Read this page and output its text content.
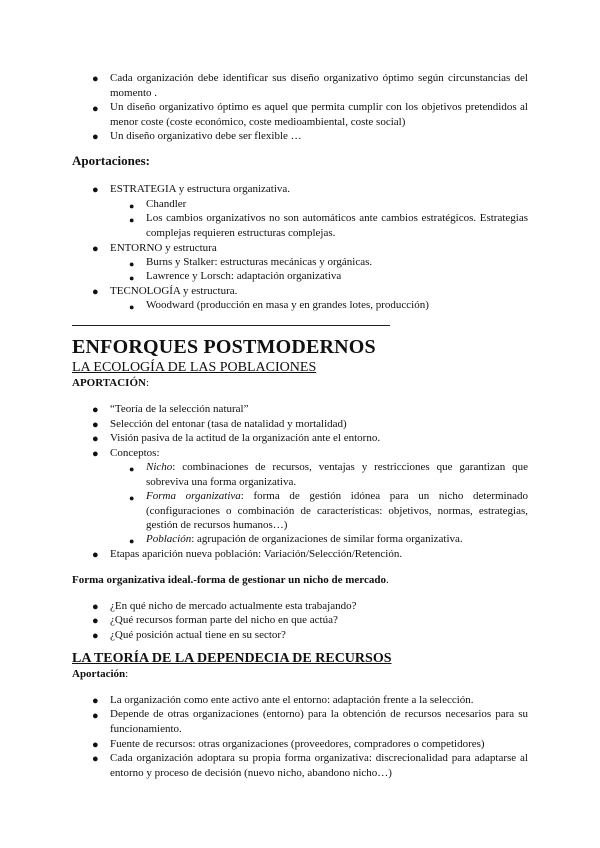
● Cada organización debe identificar sus diseño organizativo óptimo según circunstancias del momento .
● Un diseño organizativo óptimo es aquel que permita cumplir con los objetivos pretendidos al menor coste (coste económico, coste medioambiental, coste social)
● Un diseño organizativo debe ser flexible …
Aportaciones:
● ESTRATEGIA y estructura organizativa.
● Chandler
● Los cambios organizativos no son automáticos ante cambios estratégicos. Estrategias complejas requieren estructuras complejas.
● ENTORNO y estructura
● Burns y Stalker: estructuras mecánicas y orgánicas.
● Lawrence y Lorsch: adaptación organizativa
● TECNOLOGÍA y estructura.
● Woodward (producción en masa y en grandes lotes, producción)
ENFORQUES POSTMODERNOS
LA ECOLOGÍA DE LAS POBLACIONES
APORTACIÓN:
● “Teoría de la selección natural”
● Selección del entonar (tasa de natalidad y mortalidad)
● Visión pasiva de la actitud de la organización ante el entorno.
● Conceptos:
● Nicho: combinaciones de recursos, ventajas y restricciones que garantizan que sobreviva una forma organizativa.
● Forma organizativa: forma de gestión idónea para un nicho determinado (configuraciones o combinación de características: objetivos, normas, estrategias, gestión de recursos humanos…)
● Población: agrupación de organizaciones de similar forma organizativa.
● Etapas aparición nueva población: Variación/Selección/Retención.
Forma organizativa ideal.-forma de gestionar un nicho de mercado.
● ¿En qué nicho de mercado actualmente esta trabajando?
● ¿Qué recursos forman parte del nicho en que actúa?
● ¿Qué posición actual tiene en su sector?
LA TEORÍA DE LA DEPENDECIA DE RECURSOS
Aportación:
● La organización como ente activo ante el entorno: adaptación frente a la selección.
● Depende de otras organizaciones (entorno) para la obtención de recursos necesarios para su funcionamiento.
● Fuente de recursos: otras organizaciones (proveedores, compradores o competidores)
● Cada organización adoptara su propia forma organizativa: discrecionalidad para adaptarse al entorno y proceso de decisión (nuevo nicho, abandono nicho…)
